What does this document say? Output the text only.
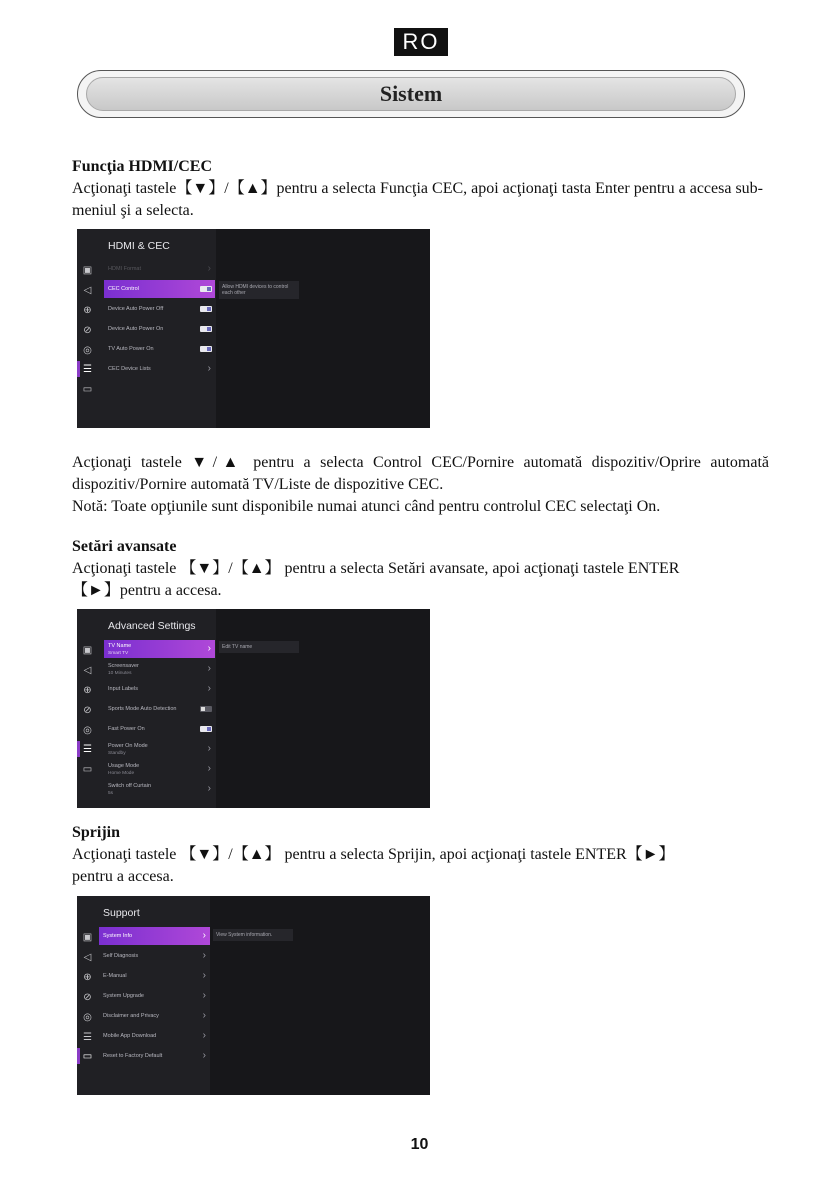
RO
Sistem
Funcţia HDMI/CEC

Acţionaţi tastele【▼】/【▲】pentru a selecta Funcţia CEC, apoi acţionaţi tasta Enter pentru a accesa sub-meniul şi a selecta.

▣
◁
⊕
⊘
◎
☰
▭
HDMI & CEC
HDMI Format	›
CEC Control
Device Auto Power Off
Device Auto Power On
TV Auto Power On
CEC Device Lists	›
Allow HDMI devices to control each other

Acţionaţi tastele ▼/▲ pentru a selecta Control CEC/Pornire automată dispozitiv/Oprire automată dispozitiv/Pornire automată TV/Liste de dispozitive CEC.

Notă: Toate opţiunile sunt disponibile numai atunci când pentru controlul CEC selectaţi On.

Setări avansate

Acţionaţi tastele 【▼】/【▲】 pentru a selecta Setări avansate, apoi acţionaţi tastele ENTER

【►】pentru a accesa.

▣
◁
⊕
⊘
◎
☰
▭
Advanced Settings
TV Name
Smart TV	›
Screensaver
10 Minutes	›
Input Labels	›
Sports Mode Auto Detection
Fast Power On
Power On Mode
Standby	›
Usage Mode
Home Mode	›
Switch off Curtain
5s	›
Edit TV name
Sprijin

Acţionaţi tastele 【▼】/【▲】 pentru a selecta Sprijin, apoi acţionaţi tastele ENTER【►】

pentru a accesa.

▣
◁
⊕
⊘
◎
☰
▭
Support
System Info	›
Self Diagnosis	›
E-Manual	›
System Upgrade	›
Disclaimer and Privacy	›
Mobile App Download	›
Reset to Factory Default	›
View System information.
10
